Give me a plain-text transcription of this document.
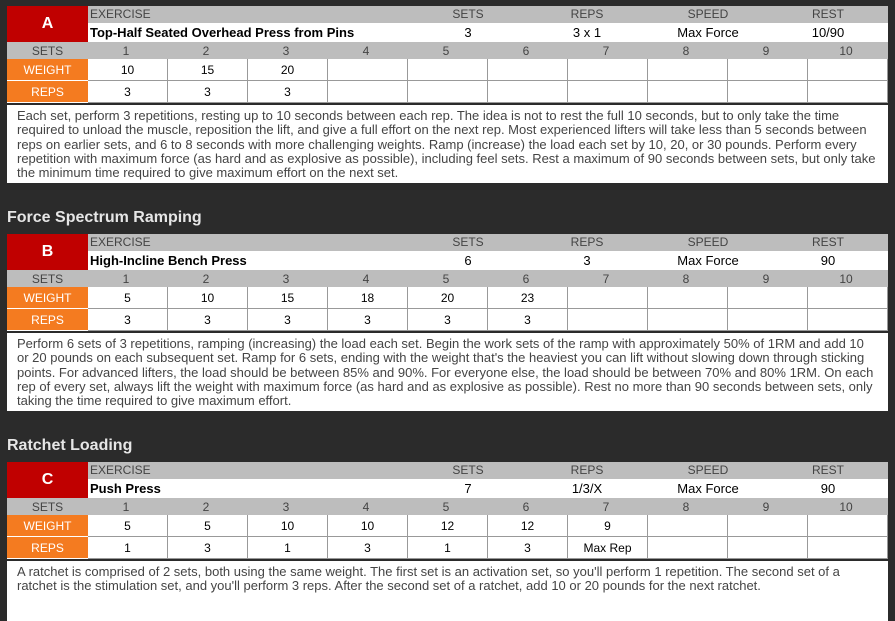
A
EXERCISE	SETS	REPS	SPEED	REST
Top-Half Seated Overhead Press from Pins	3	3 x 1	Max Force	10/90
SETS	1	2	3	4	5	6	7	8	9	10
WEIGHT	10	15	20
REPS	3	3	3
Each set, perform 3 repetitions, resting up to 10 seconds between each rep. The idea is not to rest the full 10 seconds, but to only take the time required to unload the muscle, reposition the lift, and give a full effort on the next rep. Most experienced lifters will take less than 5 seconds between reps on earlier sets, and 6 to 8 seconds with more challenging weights. Ramp (increase) the load each set by 10, 20, or 30 pounds. Perform every repetition with maximum force (as hard and as explosive as possible), including feel sets. Rest a maximum of 90 seconds between sets, but only take the minimum time required to give maximum effort on the next set.
Force Spectrum Ramping
B
EXERCISE	SETS	REPS	SPEED	REST
High-Incline Bench Press	6	3	Max Force	90
SETS	1	2	3	4	5	6	7	8	9	10
WEIGHT	5	10	15	18	20	23
REPS	3	3	3	3	3	3
Perform 6 sets of 3 repetitions, ramping (increasing) the load each set. Begin the work sets of the ramp with approximately 50% of 1RM and add 10 or 20 pounds on each subsequent set. Ramp for 6 sets, ending with the weight that's the heaviest you can lift without slowing down through sticking points. For advanced lifters, the load should be between 85% and 90%. For everyone else, the load should be between 70% and 80% 1RM. On each rep of every set, always lift the weight with maximum force (as hard and as explosive as possible). Rest no more than 90 seconds between sets, only taking the time required to give maximum effort.
Ratchet Loading
C
EXERCISE	SETS	REPS	SPEED	REST
Push Press	7	1/3/X	Max Force	90
SETS	1	2	3	4	5	6	7	8	9	10
WEIGHT	5	5	10	10	12	12	9
REPS	1	3	1	3	1	3	Max Rep
A ratchet is comprised of 2 sets, both using the same weight. The first set is an activation set, so you'll perform 1 repetition. The second set of a ratchet is the stimulation set, and you'll perform 3 reps. After the second set of a ratchet, add 10 or 20 pounds for the next ratchet.
